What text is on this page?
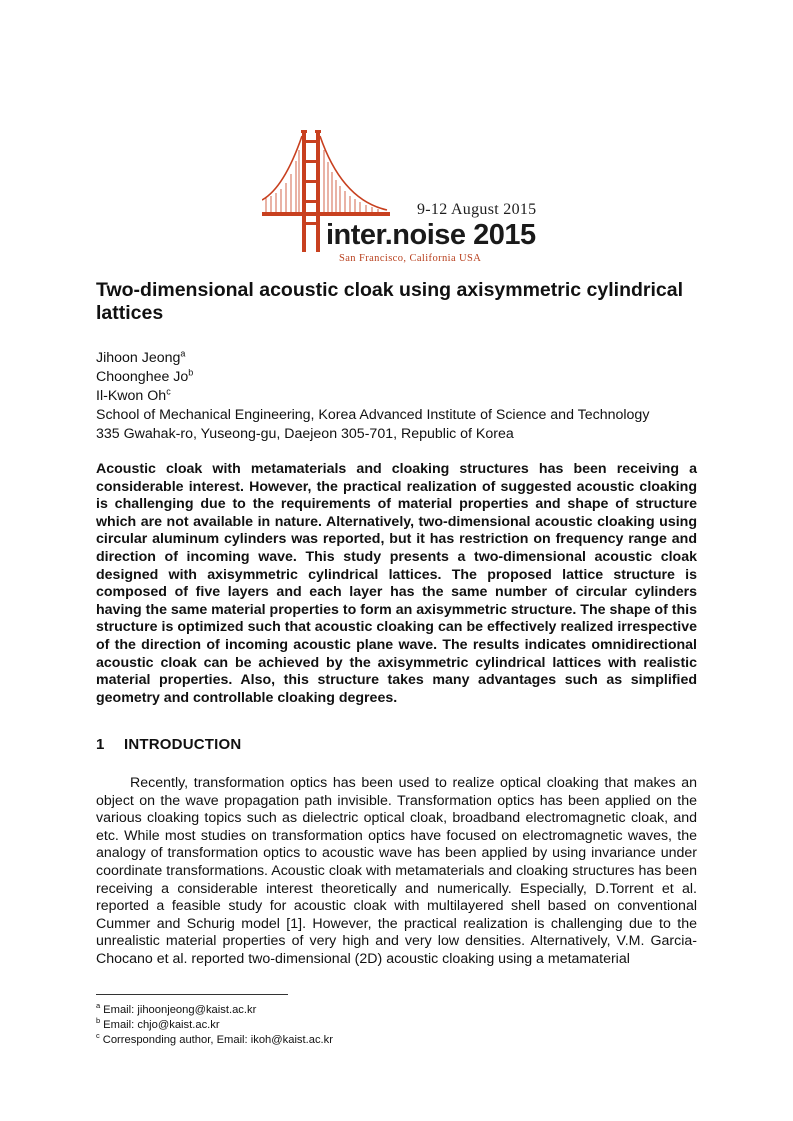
9-12 August 2015
inter.noise 2015
San Francisco, California USA
Two-dimensional acoustic cloak using axisymmetric cylindrical lattices
Jihoon Jeong$^a$
Choonghee Jo$^b$
Il-Kwon Oh$^c$
School of Mechanical Engineering, Korea Advanced Institute of Science and Technology
335 Gwahak-ro, Yuseong-gu, Daejeon 305-701, Republic of Korea

Acoustic cloak with metamaterials and cloaking structures has been receiving a considerable interest. However, the practical realization of suggested acoustic cloaking is challenging due to the requirements of material properties and shape of structure which are not available in nature. Alternatively, two-dimensional acoustic cloaking using circular aluminum cylinders was reported, but it has restriction on frequency range and direction of incoming wave. This study presents a two-dimensional acoustic cloak designed with axisymmetric cylindrical lattices. The proposed lattice structure is composed of five layers and each layer has the same number of circular cylinders having the same material properties to form an axisymmetric structure. The shape of this structure is optimized such that acoustic cloaking can be effectively realized irrespective of the direction of incoming acoustic plane wave. The results indicates omnidirectional acoustic cloak can be achieved by the axisymmetric cylindrical lattices with realistic material properties. Also, this structure takes many advantages such as simplified geometry and controllable cloaking degrees.

1 INTRODUCTION

Recently, transformation optics has been used to realize optical cloaking that makes an object on the wave propagation path invisible. Transformation optics has been applied on the various cloaking topics such as dielectric optical cloak, broadband electromagnetic cloak, and etc. While most studies on transformation optics have focused on electromagnetic waves, the analogy of transformation optics to acoustic wave has been applied by using invariance under coordinate transformations. Acoustic cloak with metamaterials and cloaking structures has been receiving a considerable interest theoretically and numerically. Especially, D.Torrent et al. reported a feasible study for acoustic cloak with multilayered shell based on conventional Cummer and Schurig model [1]. However, the practical realization is challenging due to the unrealistic material properties of very high and very low densities. Alternatively, V.M. Garcia-Chocano et al. reported two-dimensional (2D) acoustic cloaking using a metamaterial

$^a$ Email: jihoonjeong@kaist.ac.kr
$^b$ Email: chjo@kaist.ac.kr
$^c$ Corresponding author, Email: ikoh@kaist.ac.kr
